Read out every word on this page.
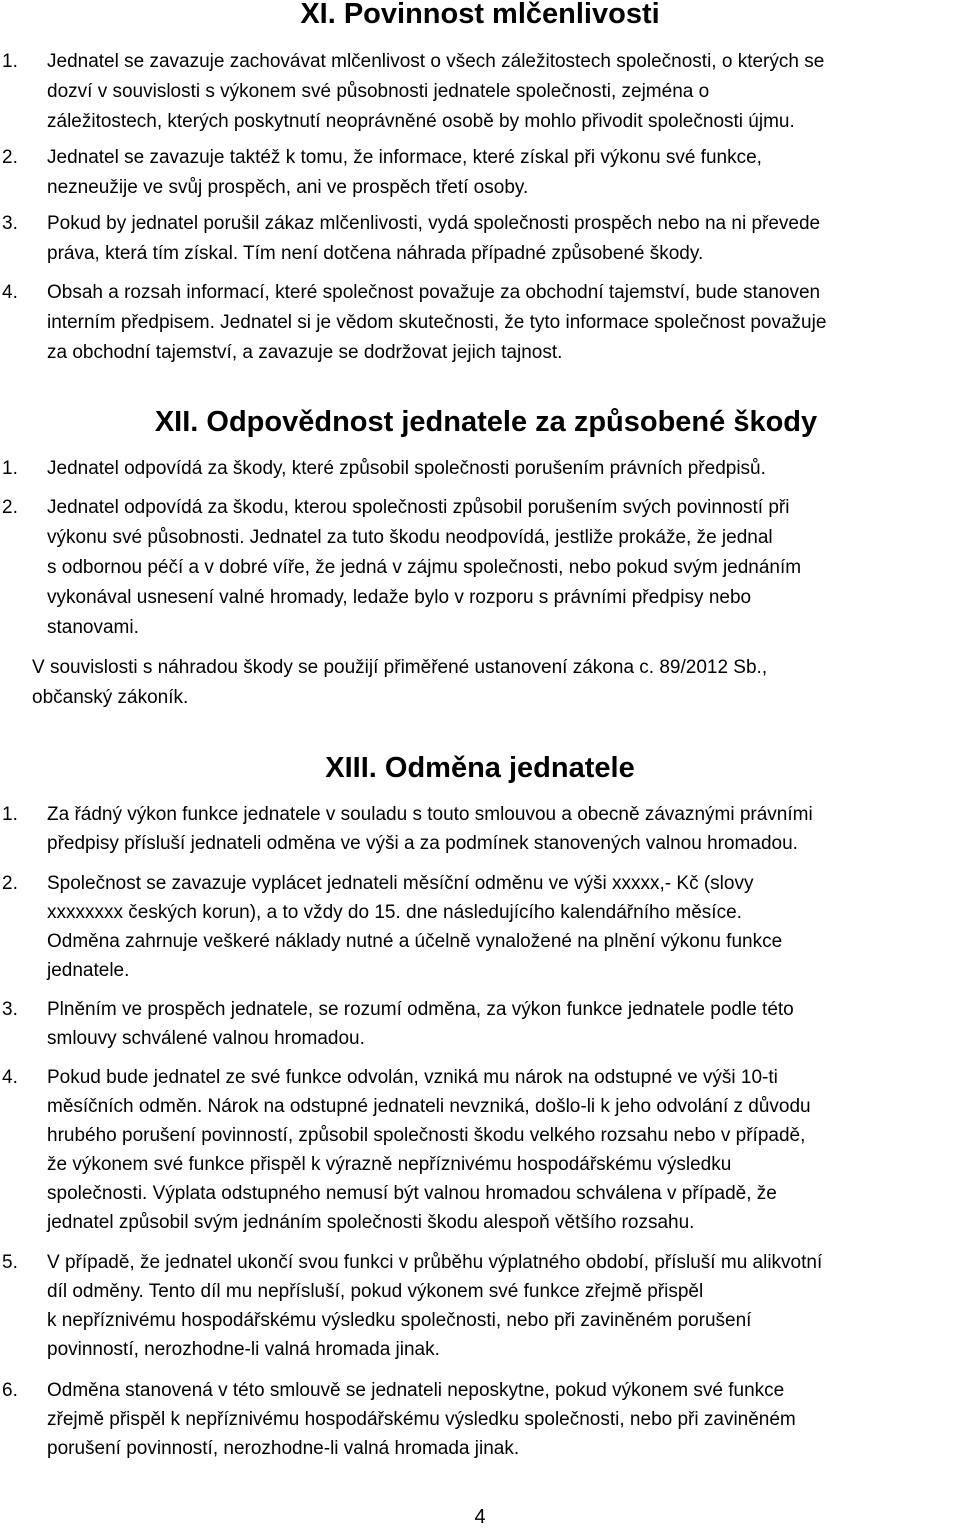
XI. Povinnost mlčenlivosti
1. Jednatel se zavazuje zachovávat mlčenlivost o všech záležitostech společnosti, o kterých se
dozví v souvislosti s výkonem své působnosti jednatele společnosti, zejména o
záležitostech, kterých poskytnutí neoprávněné osobě by mohlo přivodit společnosti újmu.
2. Jednatel se zavazuje taktéž k tomu, že informace, které získal při výkonu své funkce,
nezneužije ve svůj prospěch, ani ve prospěch třetí osoby.
3. Pokud by jednatel porušil zákaz mlčenlivosti, vydá společnosti prospěch nebo na ni převede
práva, která tím získal. Tím není dotčena náhrada případné způsobené škody.
4. Obsah a rozsah informací, které společnost považuje za obchodní tajemství, bude stanoven
interním předpisem. Jednatel si je vědom skutečnosti, že tyto informace společnost považuje
za obchodní tajemství, a zavazuje se dodržovat jejich tajnost.
XII. Odpovědnost jednatele za způsobené škody
1. Jednatel odpovídá za škody, které způsobil společnosti porušením právních předpisů.
2. Jednatel odpovídá za škodu, kterou společnosti způsobil porušením svých povinností při
výkonu své působnosti. Jednatel za tuto škodu neodpovídá, jestliže prokáže, že jednal
s odbornou péčí a v dobré víře, že jedná v zájmu společnosti, nebo pokud svým jednáním
vykonával usnesení valné hromady, ledaže bylo v rozporu s právními předpisy nebo
stanovami.
V souvislosti s náhradou škody se použijí přiměřené ustanovení zákona c. 89/2012 Sb.,
občanský zákoník.
XIII. Odměna jednatele
1. Za řádný výkon funkce jednatele v souladu s touto smlouvou a obecně závaznými právními
předpisy přísluší jednateli odměna ve výši a za podmínek stanovených valnou hromadou.
2. Společnost se zavazuje vyplácet jednateli měsíční odměnu ve výši xxxxx,- Kč (slovy
xxxxxxxx českých korun), a to vždy do 15. dne následujícího kalendářního měsíce.
Odměna zahrnuje veškeré náklady nutné a účelně vynaložené na plnění výkonu funkce
jednatele.
3. Plněním ve prospěch jednatele, se rozumí odměna, za výkon funkce jednatele podle této
smlouvy schválené valnou hromadou.
4. Pokud bude jednatel ze své funkce odvolán, vzniká mu nárok na odstupné ve výši 10-ti
měsíčních odměn. Nárok na odstupné jednateli nevzniká, došlo-li k jeho odvolání z důvodu
hrubého porušení povinností, způsobil společnosti škodu velkého rozsahu nebo v případě,
že výkonem své funkce přispěl k výrazně nepříznivému hospodářskému výsledku
společnosti. Výplata odstupného nemusí být valnou hromadou schválena v případě, že
jednatel způsobil svým jednáním společnosti škodu alespoň většího rozsahu.
5. V případě, že jednatel ukončí svou funkci v průběhu výplatného období, přísluší mu alikvotní
díl odměny. Tento díl mu nepřísluší, pokud výkonem své funkce zřejmě přispěl
k nepříznivému hospodářskému výsledku společnosti, nebo při zaviněném porušení
povinností, nerozhodne-li valná hromada jinak.
6. Odměna stanovená v této smlouvě se jednateli neposkytne, pokud výkonem své funkce
zřejmě přispěl k nepříznivému hospodářskému výsledku společnosti, nebo při zaviněném
porušení povinností, nerozhodne-li valná hromada jinak.
4
